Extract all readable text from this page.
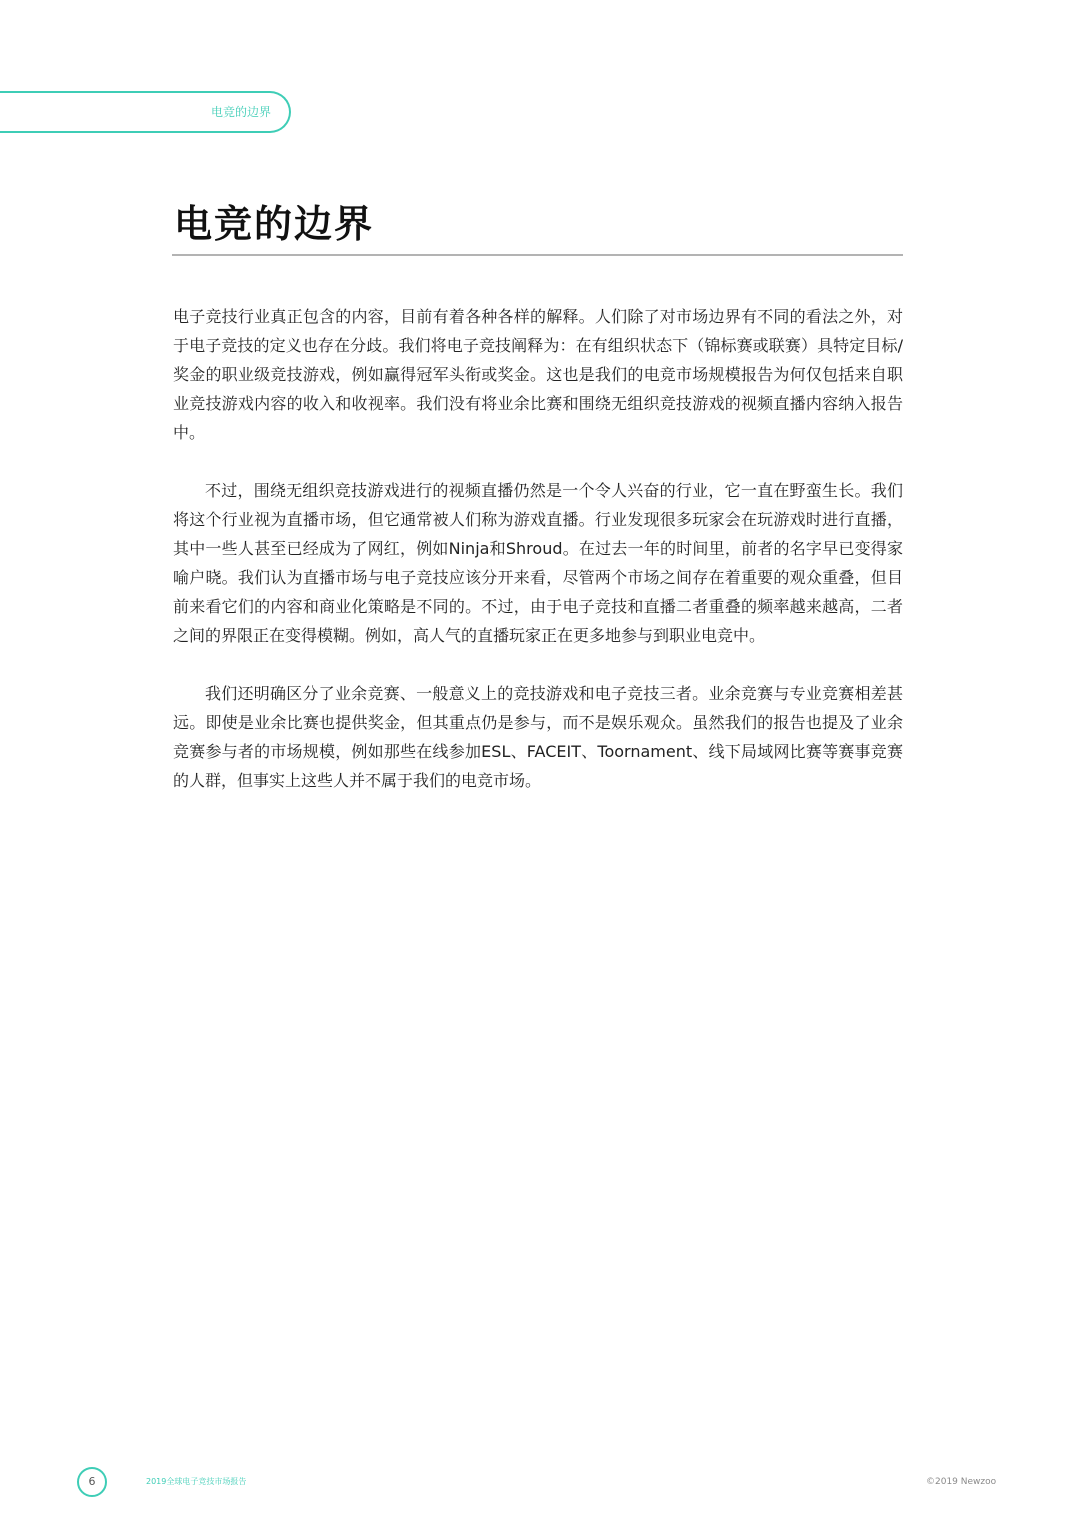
电竞的边界
电竞的边界

电子竞技行业真正包含的内容，目前有着各种各样的解释。人们除了对市场边界有不同的看法之外，对于电子竞技的定义也存在分歧。我们将电子竞技阐释为：在有组织状态下（锦标赛或联赛）具特定目标/奖金的职业级竞技游戏，例如赢得冠军头衔或奖金。这也是我们的电竞市场规模报告为何仅包括来自职业竞技游戏内容的收入和收视率。我们没有将业余比赛和围绕无组织竞技游戏的视频直播内容纳入报告中。

不过，围绕无组织竞技游戏进行的视频直播仍然是一个令人兴奋的行业，它一直在野蛮生长。我们将这个行业视为直播市场，但它通常被人们称为游戏直播。行业发现很多玩家会在玩游戏时进行直播，其中一些人甚至已经成为了网红，例如Ninja和Shroud。在过去一年的时间里，前者的名字早已变得家喻户晓。我们认为直播市场与电子竞技应该分开来看，尽管两个市场之间存在着重要的观众重叠，但目前来看它们的内容和商业化策略是不同的。不过，由于电子竞技和直播二者重叠的频率越来越高，二者之间的界限正在变得模糊。例如，高人气的直播玩家正在更多地参与到职业电竞中。

我们还明确区分了业余竞赛、一般意义上的竞技游戏和电子竞技三者。业余竞赛与专业竞赛相差甚远。即使是业余比赛也提供奖金，但其重点仍是参与，而不是娱乐观众。虽然我们的报告也提及了业余竞赛参与者的市场规模，例如那些在线参加ESL、FACEIT、Toornament、线下局域网比赛等赛事竞赛的人群，但事实上这些人并不属于我们的电竞市场。

6	2019全球电子竞技市场报告	©2019 Newzoo
